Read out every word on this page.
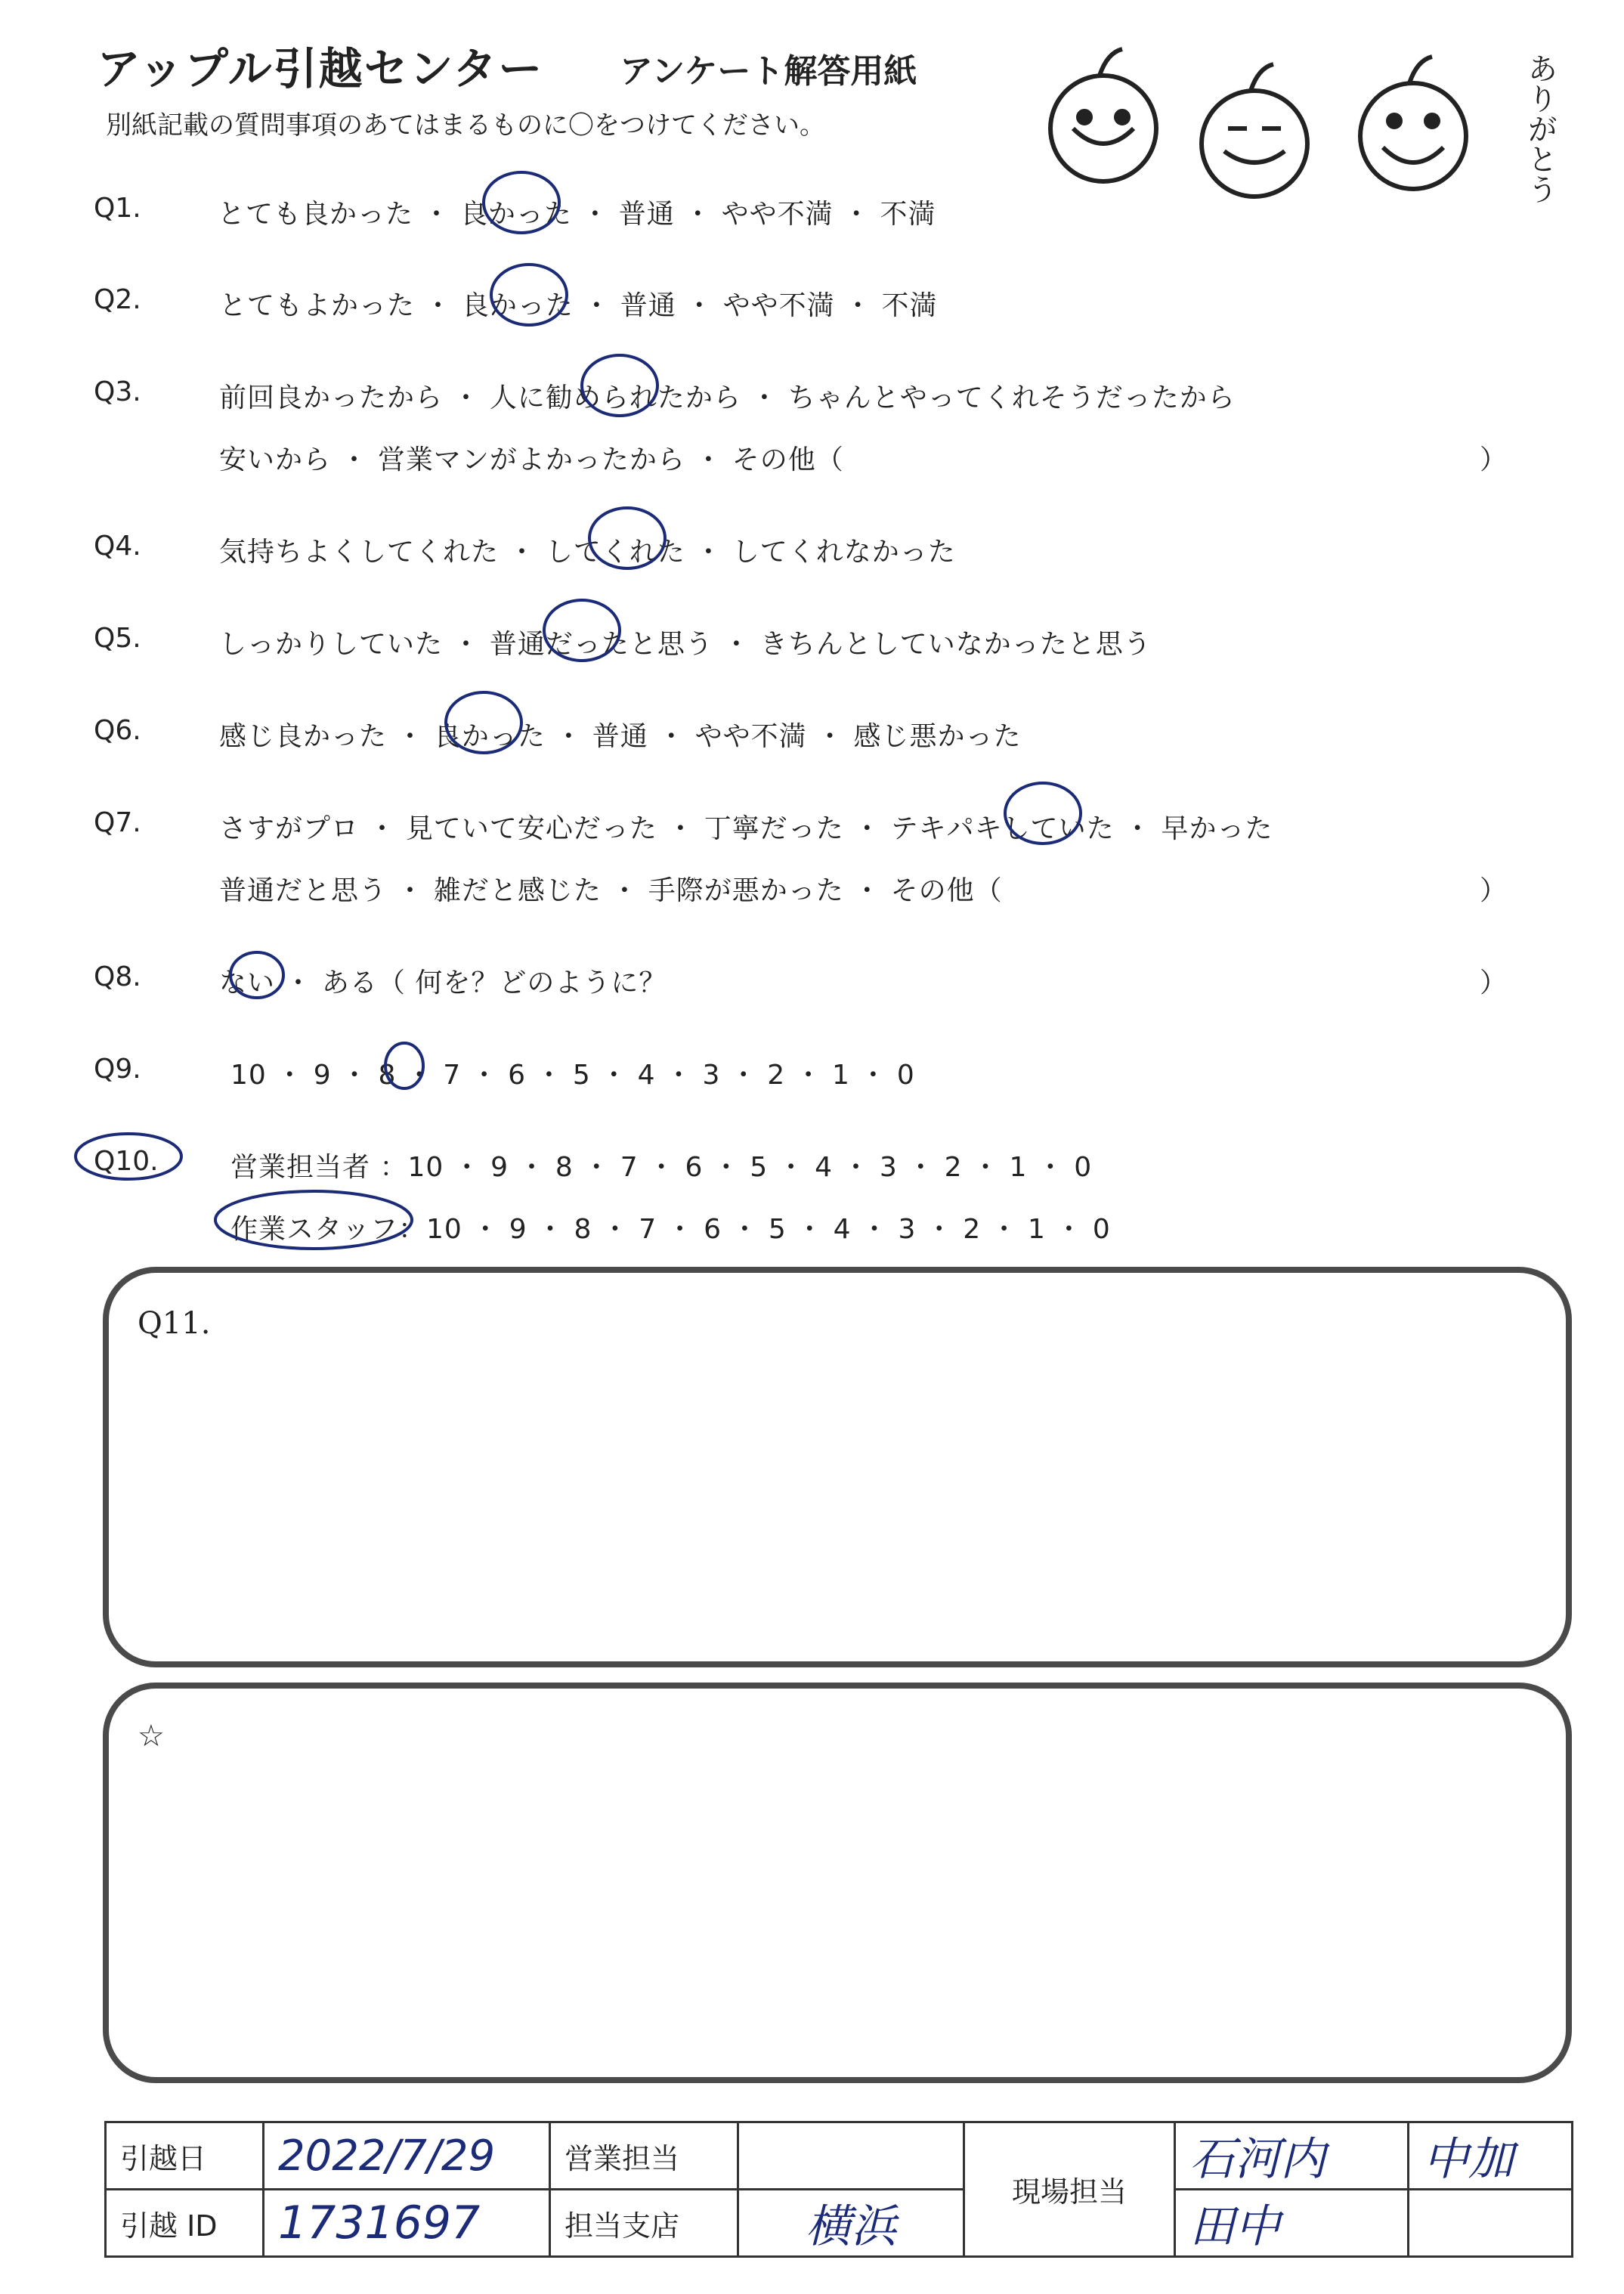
アップル引越センター アンケート解答用紙
別紙記載の質問事項のあてはまるものに〇をつけてください。	ありがとう
Q1.	とても良かった ・ 良かった ・ 普通 ・ やや不満 ・ 不満
Q2.	とてもよかった ・ 良かった ・ 普通 ・ やや不満 ・ 不満
Q3.	前回良かったから ・ 人に勧められたから ・ ちゃんとやってくれそうだったから
安いから ・ 営業マンがよかったから ・ その他（	）
Q4.	気持ちよくしてくれた ・ してくれた ・ してくれなかった
Q5.	しっかりしていた ・ 普通だったと思う ・ きちんとしていなかったと思う
Q6.	感じ良かった ・ 良かった ・ 普通 ・ やや不満 ・ 感じ悪かった
Q7.	さすがプロ ・ 見ていて安心だった ・ 丁寧だった ・ テキパキしていた ・ 早かった
普通だと思う ・ 雑だと感じた ・ 手際が悪かった ・ その他（	）
Q8.	ない ・ ある（ 何を？どのように？	）
Q9.	10 ・ 9 ・ 8 ・ 7 ・ 6 ・ 5 ・ 4 ・ 3 ・ 2 ・ 1 ・ 0
Q10.	営業担当者 ：10 ・ 9 ・ 8 ・ 7 ・ 6 ・ 5 ・ 4 ・ 3 ・ 2 ・ 1 ・ 0
作業スタッフ：10 ・ 9 ・ 8 ・ 7 ・ 6 ・ 5 ・ 4 ・ 3 ・ 2 ・ 1 ・ 0
Q11.
☆
引越日	2022/7/29	営業担当		現場担当	石河内	中加
引越 ID	1731697	担当支店	横浜		田中	
